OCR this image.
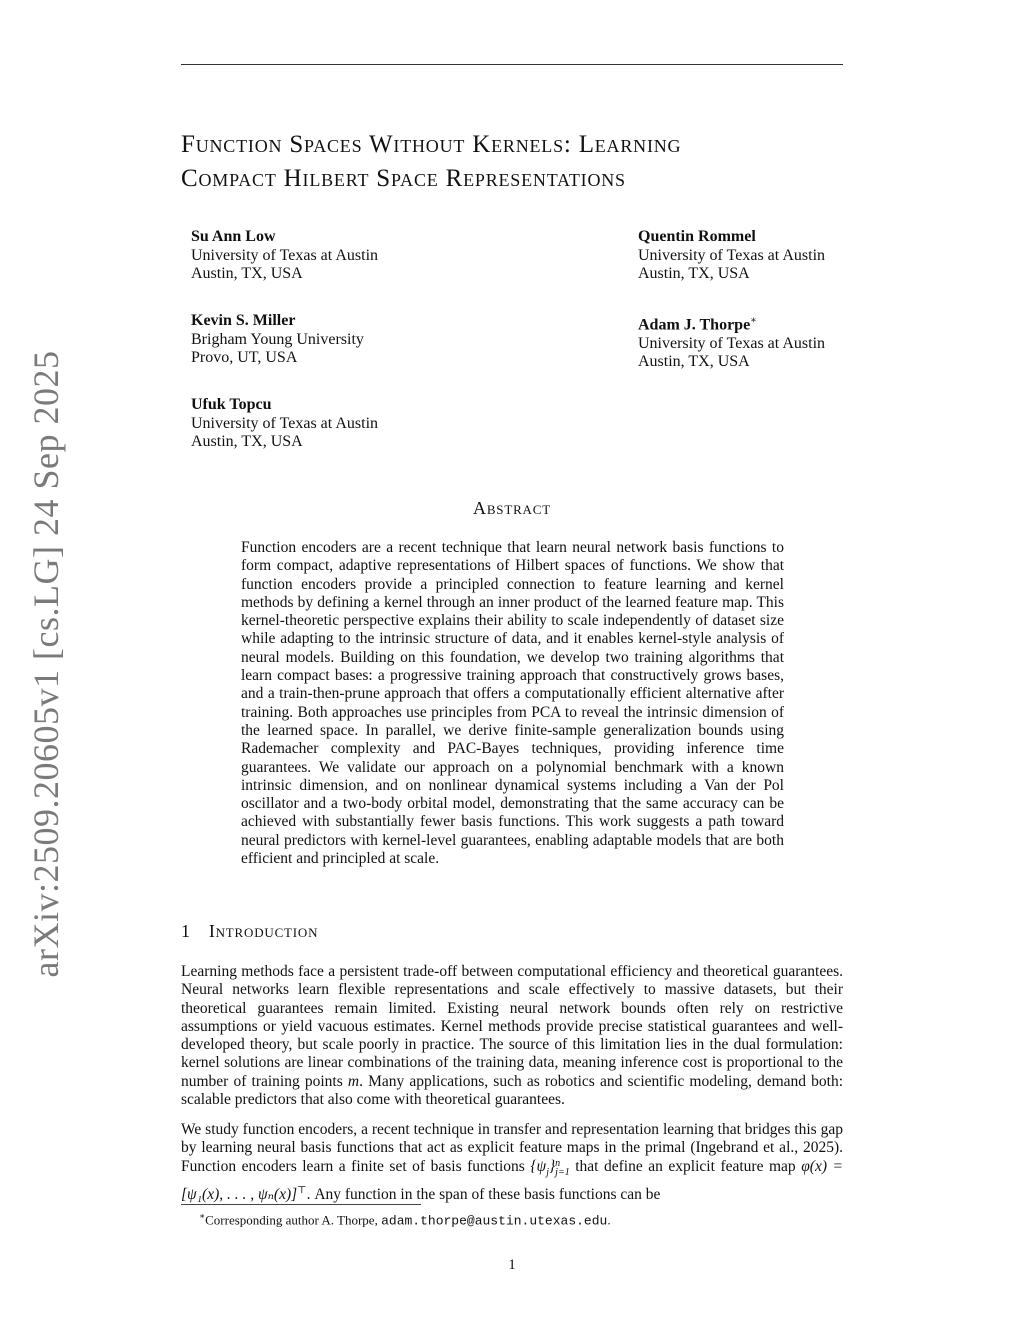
arXiv:2509.20605v1 [cs.LG] 24 Sep 2025
Function Spaces Without Kernels: Learning
Compact Hilbert Space Representations
Su Ann Low
University of Texas at Austin
Austin, TX, USA
Quentin Rommel
University of Texas at Austin
Austin, TX, USA
Kevin S. Miller
Brigham Young University
Provo, UT, USA
Adam J. Thorpe∗
University of Texas at Austin
Austin, TX, USA
Ufuk Topcu
University of Texas at Austin
Austin, TX, USA
Abstract

Function encoders are a recent technique that learn neural network basis functions to form compact, adaptive representations of Hilbert spaces of functions. We show that function encoders provide a principled connection to feature learning and kernel methods by defining a kernel through an inner product of the learned feature map. This kernel-theoretic perspective explains their ability to scale independently of dataset size while adapting to the intrinsic structure of data, and it enables kernel-style analysis of neural models. Building on this foundation, we develop two training algorithms that learn compact bases: a progressive training approach that constructively grows bases, and a train-then-prune approach that offers a computationally efficient alternative after training. Both approaches use principles from PCA to reveal the intrinsic dimension of the learned space. In parallel, we derive finite-sample generalization bounds using Rademacher complexity and PAC-Bayes techniques, providing inference time guarantees. We validate our approach on a polynomial benchmark with a known intrinsic dimension, and on nonlinear dynamical systems including a Van der Pol oscillator and a two-body orbital model, demonstrating that the same accuracy can be achieved with substantially fewer basis functions. This work suggests a path toward neural predictors with kernel-level guarantees, enabling adaptable models that are both efficient and principled at scale.

1 Introduction

Learning methods face a persistent trade-off between computational efficiency and theoretical guarantees. Neural networks learn flexible representations and scale effectively to massive datasets, but their theoretical guarantees remain limited. Existing neural network bounds often rely on restrictive assumptions or yield vacuous estimates. Kernel methods provide precise statistical guarantees and well-developed theory, but scale poorly in practice. The source of this limitation lies in the dual formulation: kernel solutions are linear combinations of the training data, meaning inference cost is proportional to the number of training points m. Many applications, such as robotics and scientific modeling, demand both: scalable predictors that also come with theoretical guarantees.

We study function encoders, a recent technique in transfer and representation learning that bridges this gap by learning neural basis functions that act as explicit feature maps in the primal (Ingebrand et al., 2025). Function encoders learn a finite set of basis functions $\{\psi_j\}$ n
j=1 that define an explicit feature map φ(x) = [ψ₁(x), . . . , ψₙ(x)]⊤. Any function in the span of these basis functions can be

∗Corresponding author A. Thorpe, adam.thorpe@austin.utexas.edu.
1
